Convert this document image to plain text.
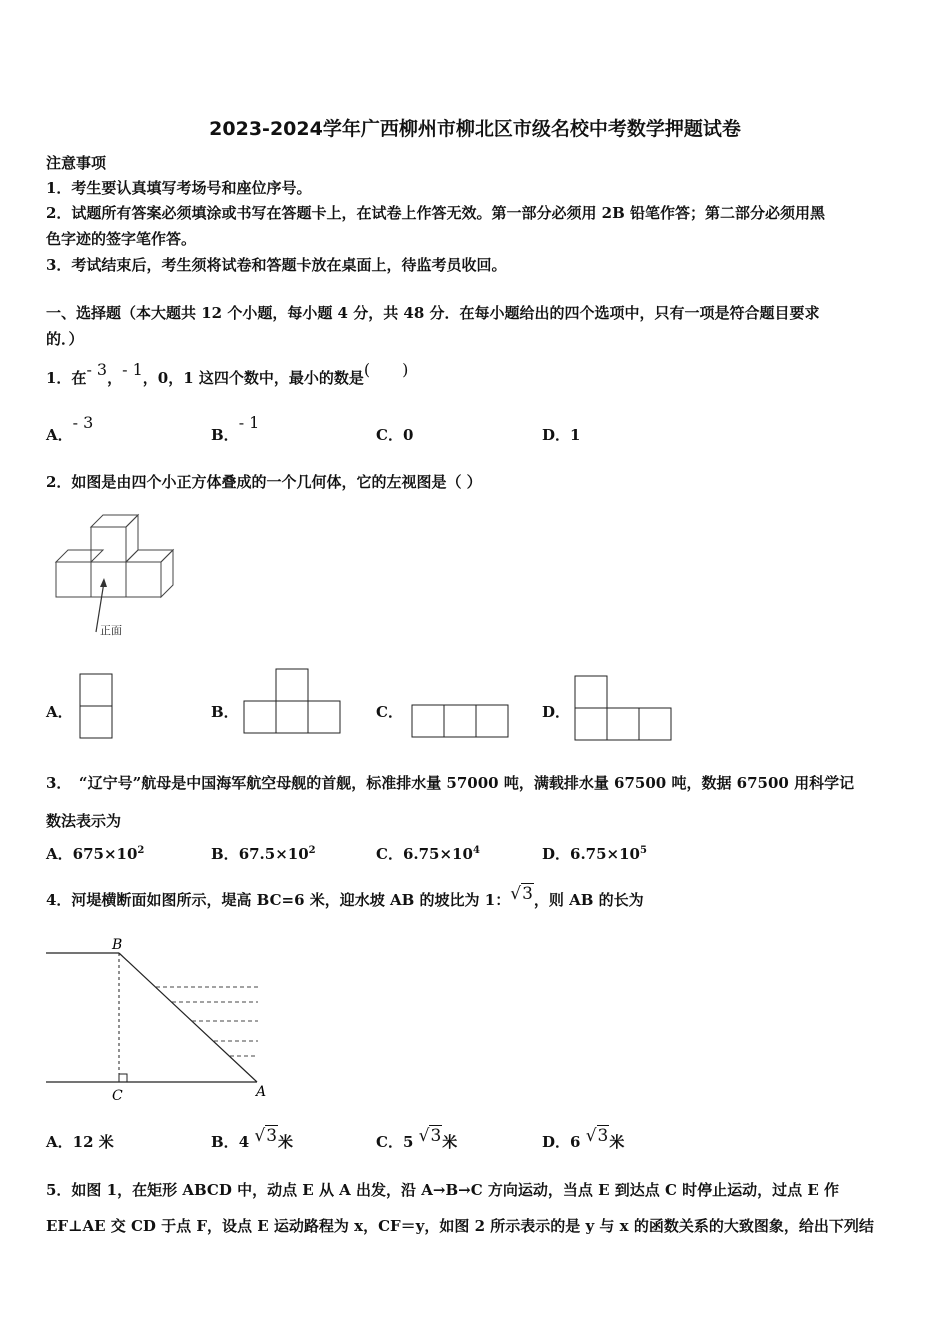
2023-2024学年广西柳州市柳北区市级名校中考数学押题试卷
注意事项
1．考生要认真填写考场号和座位序号。
2．试题所有答案必须填涂或书写在答题卡上，在试卷上作答无效。第一部分必须用 2B 铅笔作答；第二部分必须用黑
色字迹的签字笔作答。
3．考试结束后，考生须将试卷和答题卡放在桌面上，待监考员收回。
一、选择题（本大题共 12 个小题，每小题 4 分，共 48 分．在每小题给出的四个选项中，只有一项是符合题目要求
的．）
1．在- 3，- 1，0，1 这四个数中，最小的数是(　　)
A．- 3
B．- 1
C．0	D．1
2．如图是由四个小正方体叠成的一个几何体，它的左视图是（ ）
正面
A．	B．	C．	D．
3．　“辽宁号”航母是中国海军航空母舰的首舰，标准排水量 57000 吨，满载排水量 67500 吨，数据 67500 用科学记
数法表示为
A．$675\times 10^2$	B．$67.5\times 10^2$	C．$6.75\times 10^4$	D．$6.75\times 10^5$
4．河堤横断面如图所示，堤高 BC=6 米，迎水坡 AB 的坡比为 1：√3，则 AB 的长为
B
C	A
A．12 米	B．4 √3米	C．5 √3米	D．6 √3米
5．如图 1，在矩形 ABCD 中，动点 E 从 A 出发，沿 A→B→C 方向运动，当点 E 到达点 C 时停止运动，过点 E 作
EF⊥AE 交 CD 于点 F，设点 E 运动路程为 x，CF＝y，如图 2 所示表示的是 y 与 x 的函数关系的大致图象，给出下列结
